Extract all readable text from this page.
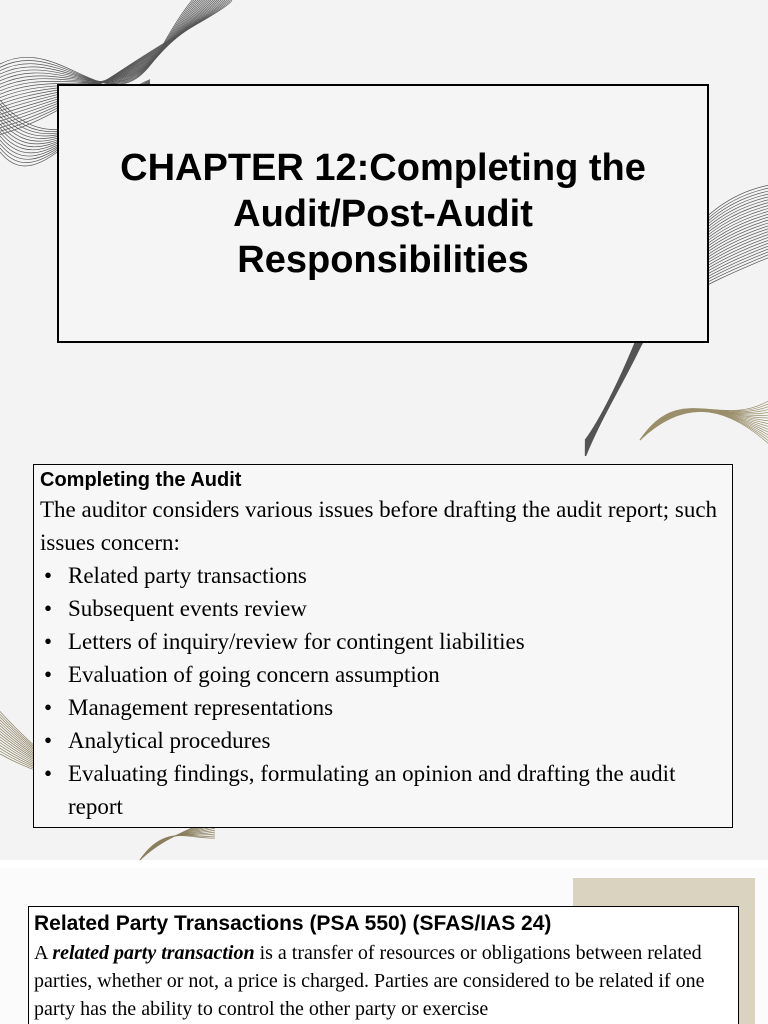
CHAPTER 12:Completing the Audit/Post-Audit Responsibilities
Completing the Audit
The auditor considers various issues before drafting the audit report; such issues concern:
• Related party transactions
• Subsequent events review
• Letters of inquiry/review for contingent liabilities
• Evaluation of going concern assumption
• Management representations
• Analytical procedures
• Evaluating findings, formulating an opinion and drafting the audit report
Related Party Transactions (PSA 550) (SFAS/IAS 24)
A related party transaction is a transfer of resources or obligations between related parties, whether or not, a price is charged. Parties are considered to be related if one party has the ability to control the other party or exercise
